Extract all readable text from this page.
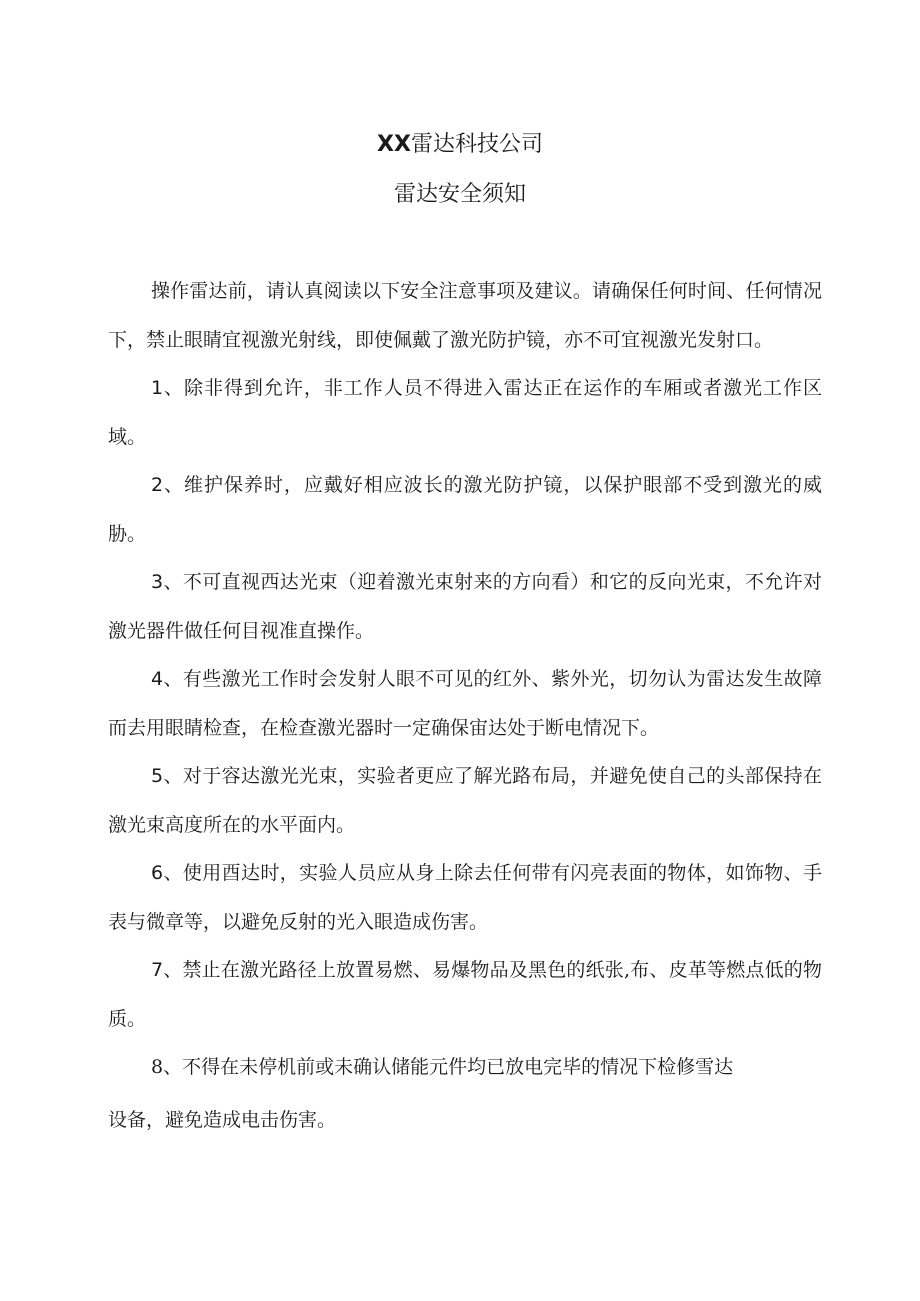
XX雷达科技公司
雷达安全须知

操作雷达前，请认真阅读以下安全注意事项及建议。请确保任何时间、任何情况下，禁止眼睛宜视激光射线，即使佩戴了激光防护镜，亦不可宜视激光发射口。

1、除非得到允许，非工作人员不得进入雷达正在运作的车厢或者激光工作区域。

2、维护保养时，应戴好相应波长的激光防护镜，以保护眼部不受到激光的威胁。

3、不可直视西达光束（迎着激光束射来的方向看）和它的反向光束，不允许对激光器件做任何目视准直操作。

4、有些激光工作时会发射人眼不可见的红外、紫外光，切勿认为雷达发生故障而去用眼睛检查，在检查激光器时一定确保宙达处于断电情况下。

5、对于容达激光光束，实验者更应了解光路布局，并避免使自己的头部保持在激光束高度所在的水平面内。

6、使用酉达时，实验人员应从身上除去任何带有闪亮表面的物体，如饰物、手表与微章等，以避免反射的光入眼造成伤害。

7、禁止在激光路径上放置易燃、易爆物品及黑色的纸张,布、皮革等燃点低的物质。

8、不得在未停机前或未确认储能元件均已放电完毕的情况下检修雪达

设备，避免造成电击伤害。
